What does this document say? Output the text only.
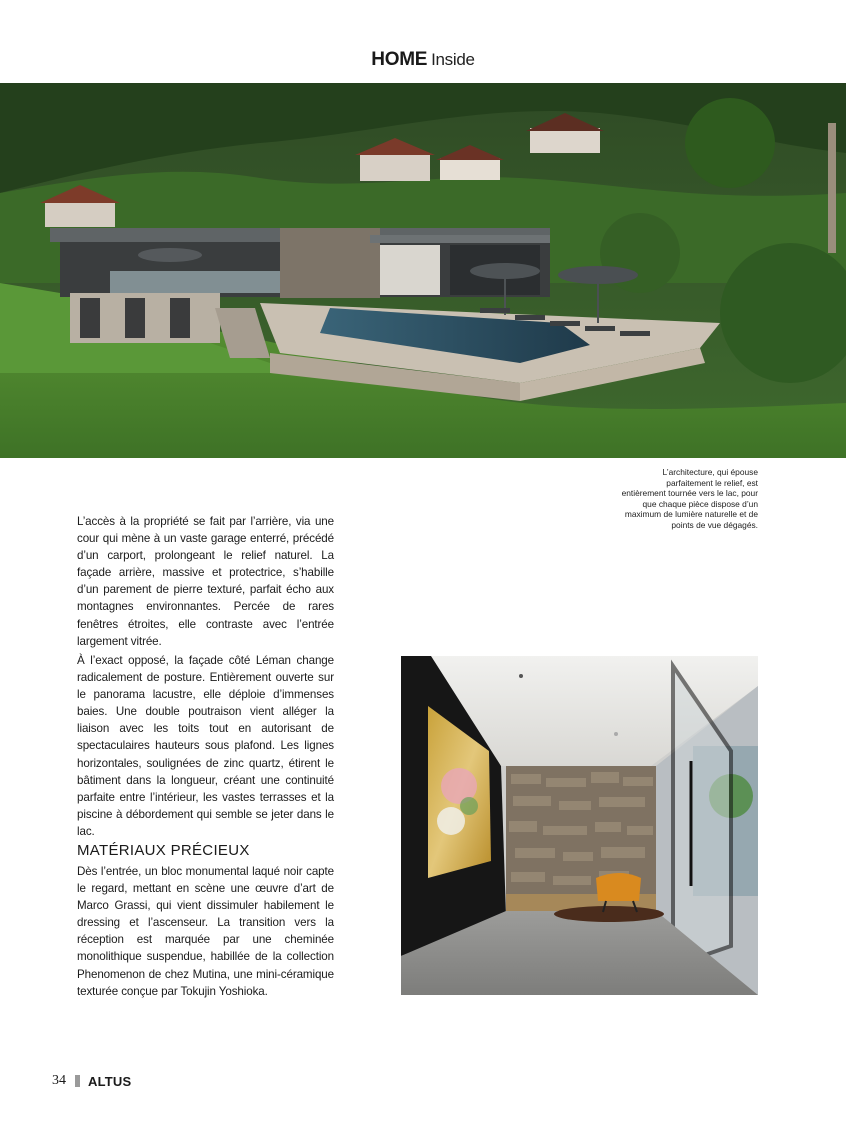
HOME Inside
L’architecture, qui épouse parfaitement le relief, est entièrement tournée vers le lac, pour que chaque pièce dispose d’un maximum de lumière naturelle et de points de vue dégagés.

L’accès à la propriété se fait par l’arrière, via une cour qui mène à un vaste garage enterré, précédé d’un carport, prolongeant le relief naturel. La façade arrière, massive et protectrice, s’habille d’un parement de pierre texturé, parfait écho aux montagnes environnantes. Percée de rares fenêtres étroites, elle contraste avec l’entrée largement vitrée.

À l’exact opposé, la façade côté Léman change radicalement de posture. Entièrement ouverte sur le panorama lacustre, elle déploie d’immenses baies. Une double poutraison vient alléger la liaison avec les toits tout en autorisant de spectaculaires hauteurs sous plafond. Les lignes horizontales, soulignées de zinc quartz, étirent le bâtiment dans la longueur, créant une continuité parfaite entre l’intérieur, les vastes terrasses et la piscine à débordement qui semble se jeter dans le lac.

MATÉRIAUX PRÉCIEUX

Dès l’entrée, un bloc monumental laqué noir capte le regard, mettant en scène une œuvre d’art de Marco Grassi, qui vient dissimuler habilement le dressing et l’ascenseur. La transition vers la réception est marquée par une cheminée monolithique suspendue, habillée de la collection Phenomenon de chez Mutina, une mini-céramique texturée conçue par Tokujin Yoshioka.

34 ALTUS
